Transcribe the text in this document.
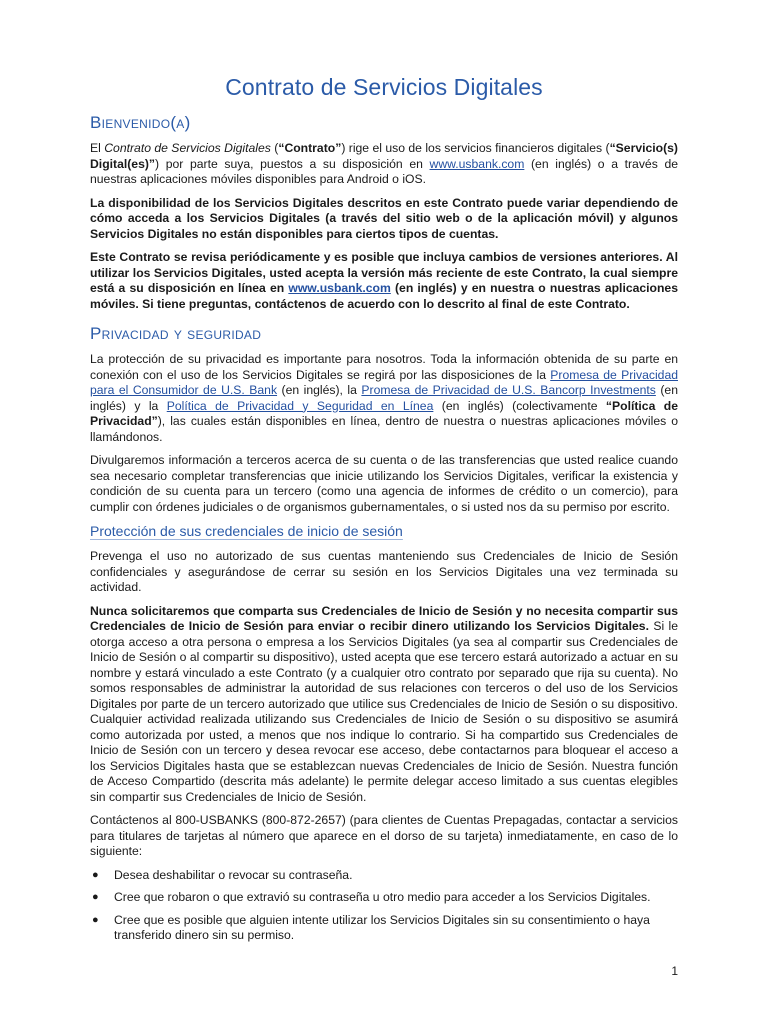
Contrato de Servicios Digitales
Bienvenido(a)

El Contrato de Servicios Digitales (“Contrato”) rige el uso de los servicios financieros digitales (“Servicio(s) Digital(es)”) por parte suya, puestos a su disposición en www.usbank.com (en inglés) o a través de nuestras aplicaciones móviles disponibles para Android o iOS.

La disponibilidad de los Servicios Digitales descritos en este Contrato puede variar dependiendo de cómo acceda a los Servicios Digitales (a través del sitio web o de la aplicación móvil) y algunos Servicios Digitales no están disponibles para ciertos tipos de cuentas.

Este Contrato se revisa periódicamente y es posible que incluya cambios de versiones anteriores. Al utilizar los Servicios Digitales, usted acepta la versión más reciente de este Contrato, la cual siempre está a su disposición en línea en www.usbank.com (en inglés) y en nuestra o nuestras aplicaciones móviles. Si tiene preguntas, contáctenos de acuerdo con lo descrito al final de este Contrato.

Privacidad y seguridad

La protección de su privacidad es importante para nosotros. Toda la información obtenida de su parte en conexión con el uso de los Servicios Digitales se regirá por las disposiciones de la Promesa de Privacidad para el Consumidor de U.S. Bank (en inglés), la Promesa de Privacidad de U.S. Bancorp Investments (en inglés) y la Política de Privacidad y Seguridad en Línea (en inglés) (colectivamente “Política de Privacidad”), las cuales están disponibles en línea, dentro de nuestra o nuestras aplicaciones móviles o llamándonos.

Divulgaremos información a terceros acerca de su cuenta o de las transferencias que usted realice cuando sea necesario completar transferencias que inicie utilizando los Servicios Digitales, verificar la existencia y condición de su cuenta para un tercero (como una agencia de informes de crédito o un comercio), para cumplir con órdenes judiciales o de organismos gubernamentales, o si usted nos da su permiso por escrito.

Protección de sus credenciales de inicio de sesión

Prevenga el uso no autorizado de sus cuentas manteniendo sus Credenciales de Inicio de Sesión confidenciales y asegurándose de cerrar su sesión en los Servicios Digitales una vez terminada su actividad.

Nunca solicitaremos que comparta sus Credenciales de Inicio de Sesión y no necesita compartir sus Credenciales de Inicio de Sesión para enviar o recibir dinero utilizando los Servicios Digitales. Si le otorga acceso a otra persona o empresa a los Servicios Digitales (ya sea al compartir sus Credenciales de Inicio de Sesión o al compartir su dispositivo), usted acepta que ese tercero estará autorizado a actuar en su nombre y estará vinculado a este Contrato (y a cualquier otro contrato por separado que rija su cuenta). No somos responsables de administrar la autoridad de sus relaciones con terceros o del uso de los Servicios Digitales por parte de un tercero autorizado que utilice sus Credenciales de Inicio de Sesión o su dispositivo. Cualquier actividad realizada utilizando sus Credenciales de Inicio de Sesión o su dispositivo se asumirá como autorizada por usted, a menos que nos indique lo contrario. Si ha compartido sus Credenciales de Inicio de Sesión con un tercero y desea revocar ese acceso, debe contactarnos para bloquear el acceso a los Servicios Digitales hasta que se establezcan nuevas Credenciales de Inicio de Sesión. Nuestra función de Acceso Compartido (descrita más adelante) le permite delegar acceso limitado a sus cuentas elegibles sin compartir sus Credenciales de Inicio de Sesión.

Contáctenos al 800-USBANKS (800-872-2657) (para clientes de Cuentas Prepagadas, contactar a servicios para titulares de tarjetas al número que aparece en el dorso de su tarjeta) inmediatamente, en caso de lo siguiente:

● Desea deshabilitar o revocar su contraseña.
● Cree que robaron o que extravió su contraseña u otro medio para acceder a los Servicios Digitales.
● Cree que es posible que alguien intente utilizar los Servicios Digitales sin su consentimiento o haya transferido dinero sin su permiso.
1
